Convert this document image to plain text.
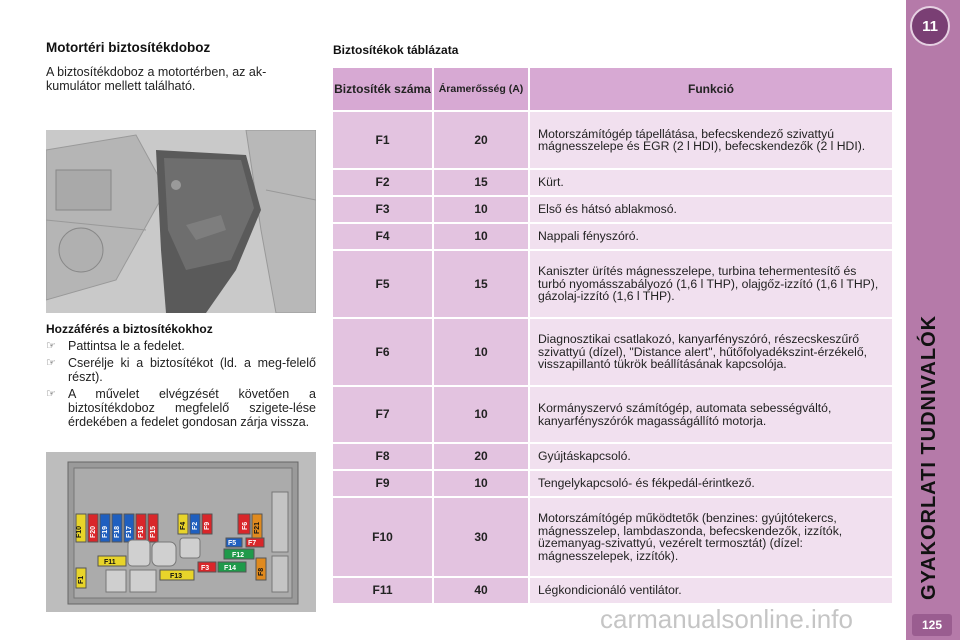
Motortéri biztosítékdoboz

A biztosítékdoboz a motortérben, az ak-kumulátor mellett található.

Hozzáférés a biztosítékokhoz
☞ Pattintsa le a fedelet.
☞ Cserélje ki a biztosítékot (ld. a meg-felelő részt).
☞ A művelet elvégzését követően a biztosítékdoboz megfelelő szigete-lése érdekében a fedelet gondosan zárja vissza.
F10 F20 F19 F18 F17 F16 F15
F4 F2 F9	F6 F21
F5 F7
F12
F11
F3 F14	F8
F13
F1
Biztosítékok táblázata
Biztosíték száma	Áramerősség (A)	Funkció
F1	20	Motorszámítógép tápellátása, befecskendező szivattyú mágnesszelepe és EGR (2 l HDI), befecskendezők (2 l HDI).
F2	15	Kürt.
F3	10	Első és hátsó ablakmosó.
F4	10	Nappali fényszóró.
F5	15	Kaniszter ürítés mágnesszelepe, turbina tehermentesítő és turbó nyomásszabályozó (1,6 l THP), olajgőz-izzító (1,6 l THP), gázolaj-izzító (1,6 l THP).
F6	10	Diagnosztikai csatlakozó, kanyarfényszóró, részecskeszűrő szivattyú (dízel), "Distance alert", hűtőfolyadékszint-érzékelő, visszapillantó tükrök beállításának kapcsolója.
F7	10	Kormányszervó számítógép, automata sebességváltó, kanyarfényszórók magasságállító motorja.
F8	20	Gyújtáskapcsoló.
F9	10	Tengelykapcsoló- és fékpedál-érintkező.
F10	30	Motorszámítógép működtetők (benzines: gyújtótekercs, mágnesszelep, lambdaszonda, befecskendezők, izzítók, üzemanyag-szivattyú, vezérelt termosztát) (dízel: mágnesszelepek, izzítók).
F11	40	Légkondicionáló ventilátor.
11
GYAKORLATI TUDNIVALÓK
125
carmanualsonline.info
